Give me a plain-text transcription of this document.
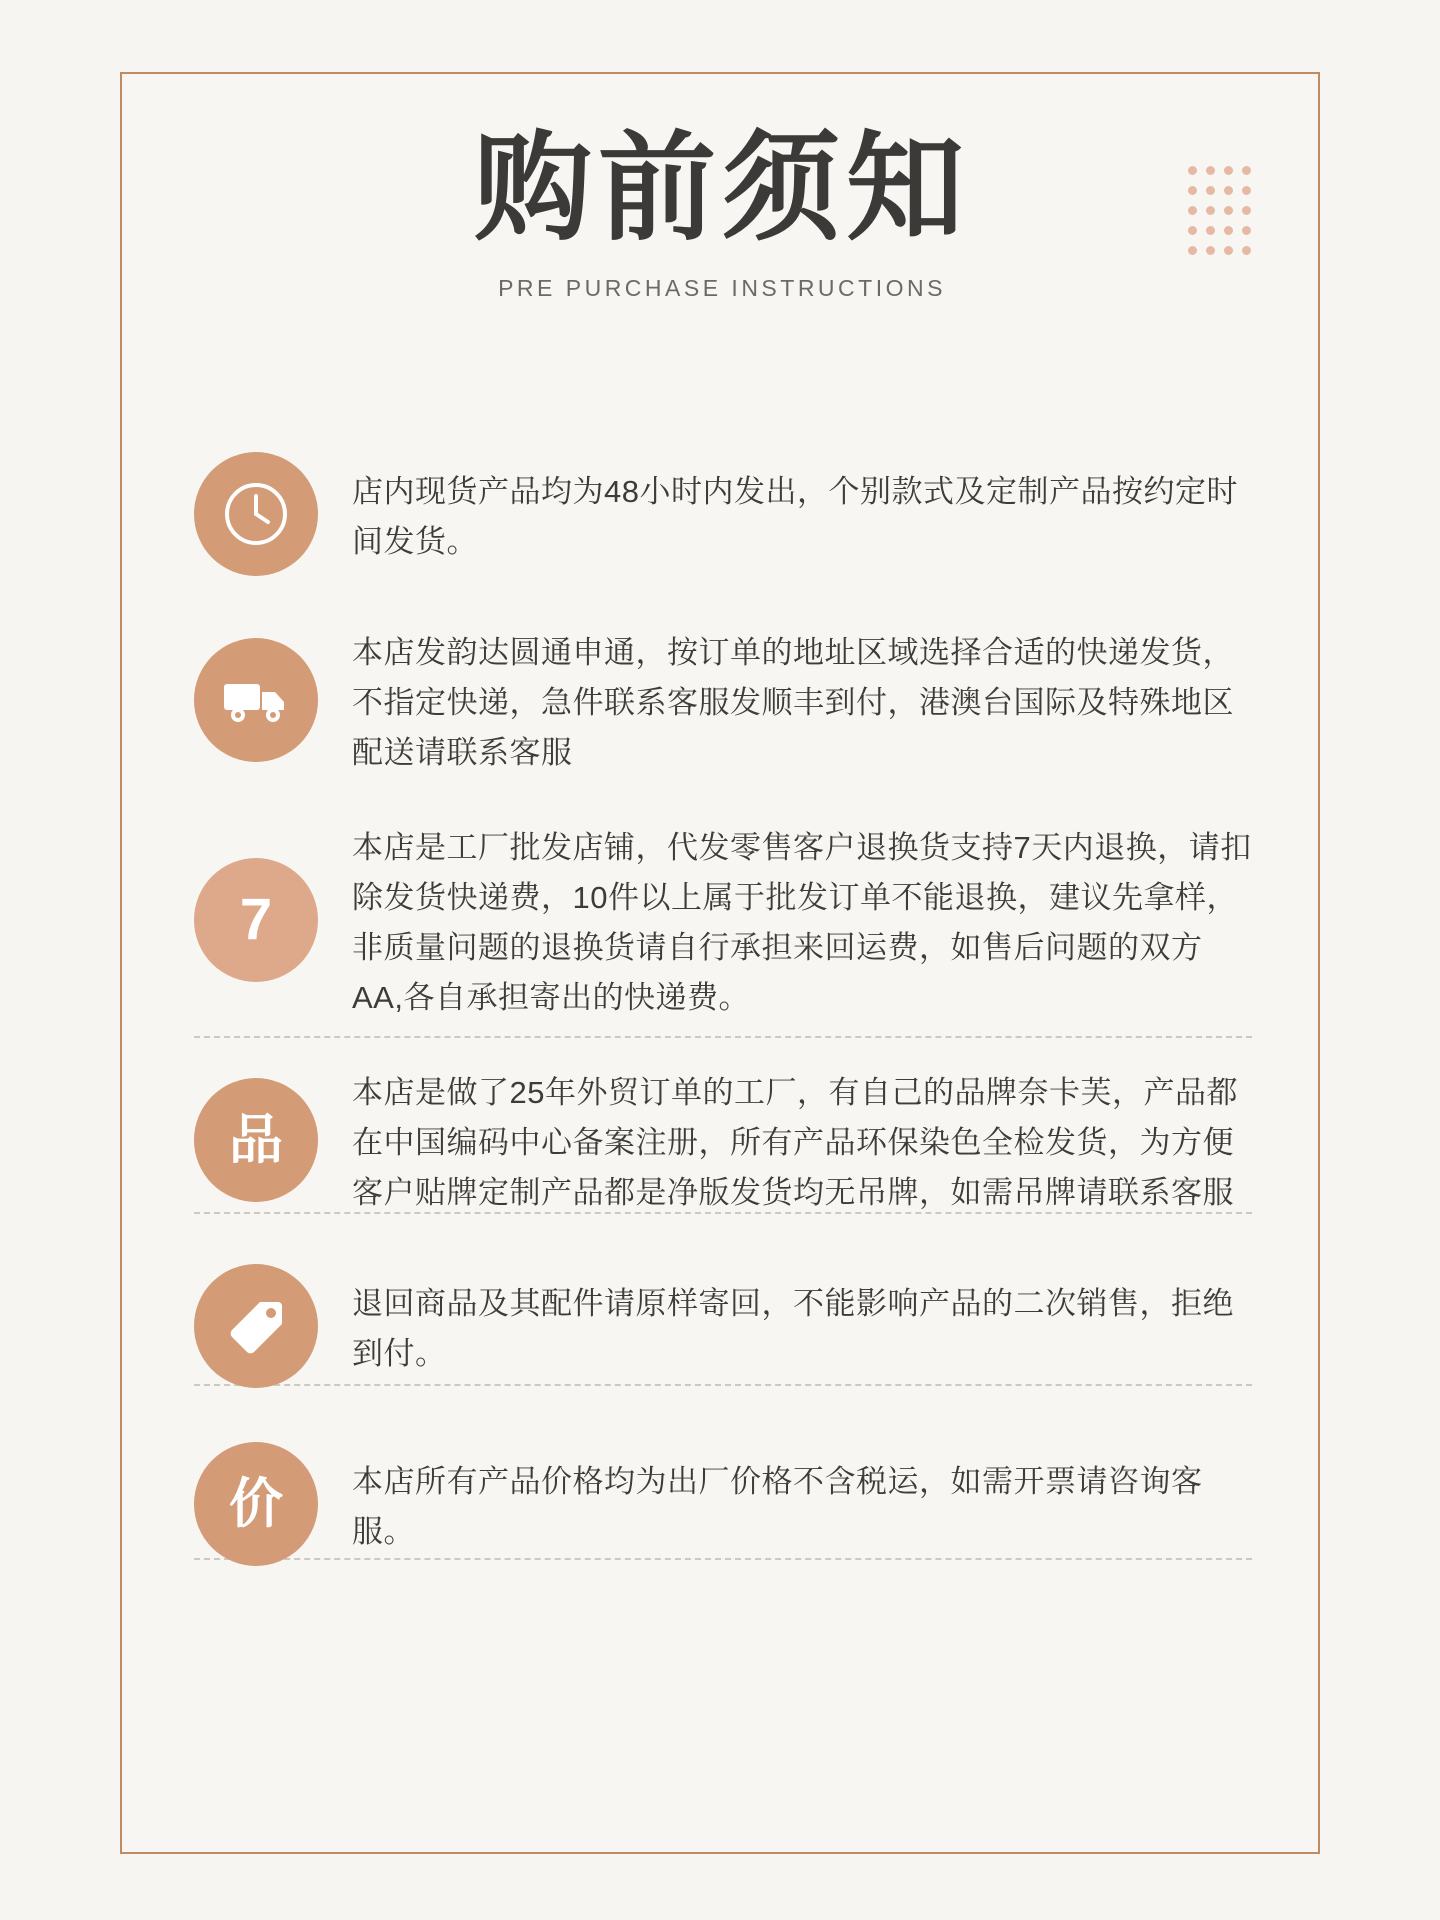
购前须知
PRE PURCHASE INSTRUCTIONS

店内现货产品均为48小时内发出，个别款式及定制产品按约定时间发货。

本店发韵达圆通申通，按订单的地址区域选择合适的快递发货，不指定快递，急件联系客服发顺丰到付，港澳台国际及特殊地区配送请联系客服

7

本店是工厂批发店铺，代发零售客户退换货支持7天内退换，请扣除发货快递费，10件以上属于批发订单不能退换，建议先拿样，非质量问题的退换货请自行承担来回运费，如售后问题的双方AA,各自承担寄出的快递费。

品

本店是做了25年外贸订单的工厂，有自己的品牌奈卡芙，产品都在中国编码中心备案注册，所有产品环保染色全检发货，为方便客户贴牌定制产品都是净版发货均无吊牌，如需吊牌请联系客服

退回商品及其配件请原样寄回，不能影响产品的二次销售，拒绝到付。

价 本店所有产品价格均为出厂价格不含税运，如需开票请咨询客服。
